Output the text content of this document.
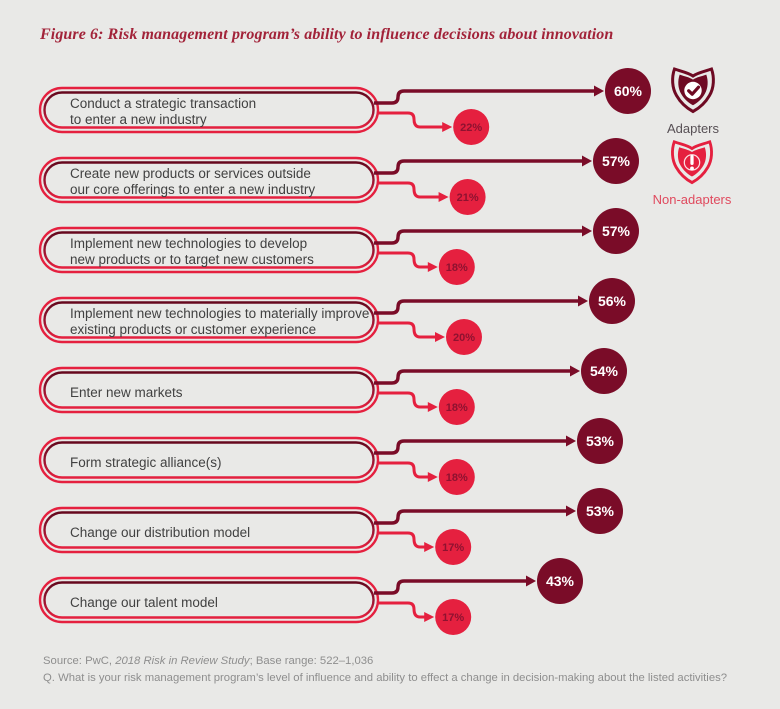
Figure 6: Risk management program’s ability to influence decisions about innovation
Conduct a strategic transaction to enter a new industry
60%
22%
Create new products or services outside our core offerings to enter a new industry
57%
21%
Implement new technologies to develop new products or to target new customers
57%
18%
Implement new technologies to materially improve existing products or customer experience
56%
20%
Enter new markets
54%
18%
Form strategic alliance(s)
53%
18%
Change our distribution model
53%
17%
Change our talent model
43%
17%
Adapters
Non-adapters
Source: PwC, 2018 Risk in Review Study; Base range: 522–1,036
Q. What is your risk management program’s level of influence and ability to effect a change in decision-making about the listed activities?
